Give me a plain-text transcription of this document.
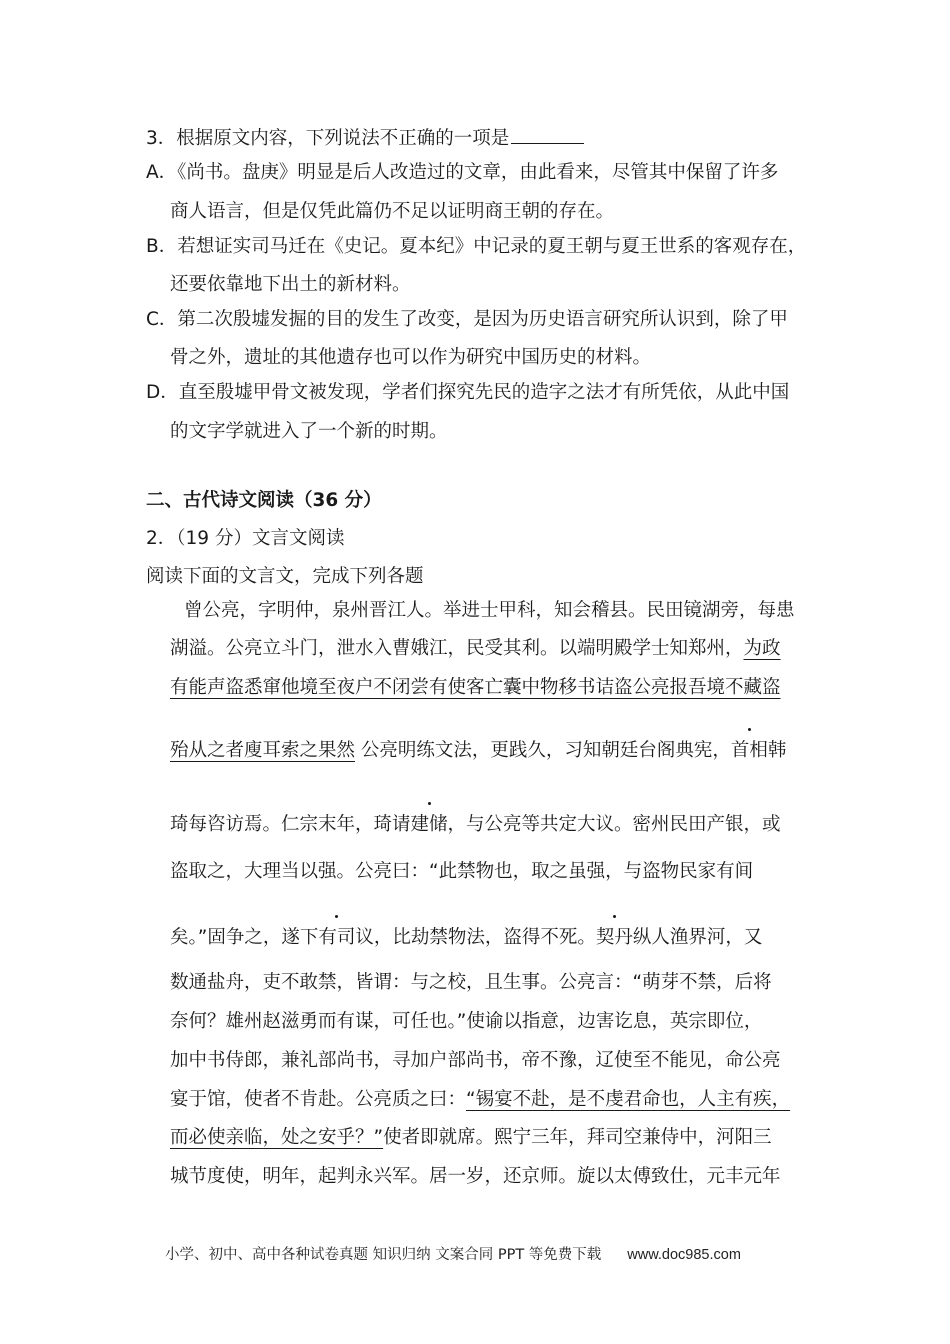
3．根据原文内容，下列说法不正确的一项是
A．《尚书。盘庚》明显是后人改造过的文章，由此看来，尽管其中保留了许多
商人语言，但是仅凭此篇仍不足以证明商王朝的存在。
B．若想证实司马迁在《史记。夏本纪》中记录的夏王朝与夏王世系的客观存在，
还要依靠地下出土的新材料。
C．第二次殷墟发掘的目的发生了改变，是因为历史语言研究所认识到，除了甲
骨之外，遗址的其他遗存也可以作为研究中国历史的材料。
D．直至殷墟甲骨文被发现，学者们探究先民的造字之法才有所凭依，从此中国
的文字学就进入了一个新的时期。
二、古代诗文阅读（36 分）
2．（19 分）文言文阅读
阅读下面的文言文，完成下列各题
曾公亮，字明仲，泉州晋江人。举进士甲科，知会稽县。民田镜湖旁，每患
湖溢。公亮立斗门，泄水入曹娥江，民受其利。以端明殿学士知郑州，为政
有能声盗悉窜他境至夜户不闭尝有使客亡囊中物移书诘盗公亮报吾境不藏盗
殆从之者廋耳索之果然 公亮明练文法，更践久，习知朝廷台阁典宪，首相韩
琦每咨访焉。仁宗末年，琦请建储，与公亮等共定大议。密州民田产银，或
盗取之，大理当以强。公亮曰：“此禁物也，取之虽强，与盗物民家有间
矣。”固争之，遂下有司议，比劫禁物法，盗得不死。契丹纵人渔界河，又
数通盐舟，吏不敢禁，皆谓：与之校，且生事。公亮言：“萌芽不禁，后将
奈何？雄州赵滋勇而有谋，可任也。”使谕以指意，边害讫息，英宗即位，
加中书侍郎，兼礼部尚书，寻加户部尚书，帝不豫，辽使至不能见，命公亮
宴于馆，使者不肯赴。公亮质之曰：“锡宴不赴，是不虔君命也，人主有疾，
而必使亲临，处之安乎？”使者即就席。熙宁三年，拜司空兼侍中，河阳三
城节度使，明年，起判永兴军。居一岁，还京师。旋以太傅致仕，元丰元年
小学、初中、高中各种试卷真题 知识归纳 文案合同 PPT 等免费下载 www.doc985.com
